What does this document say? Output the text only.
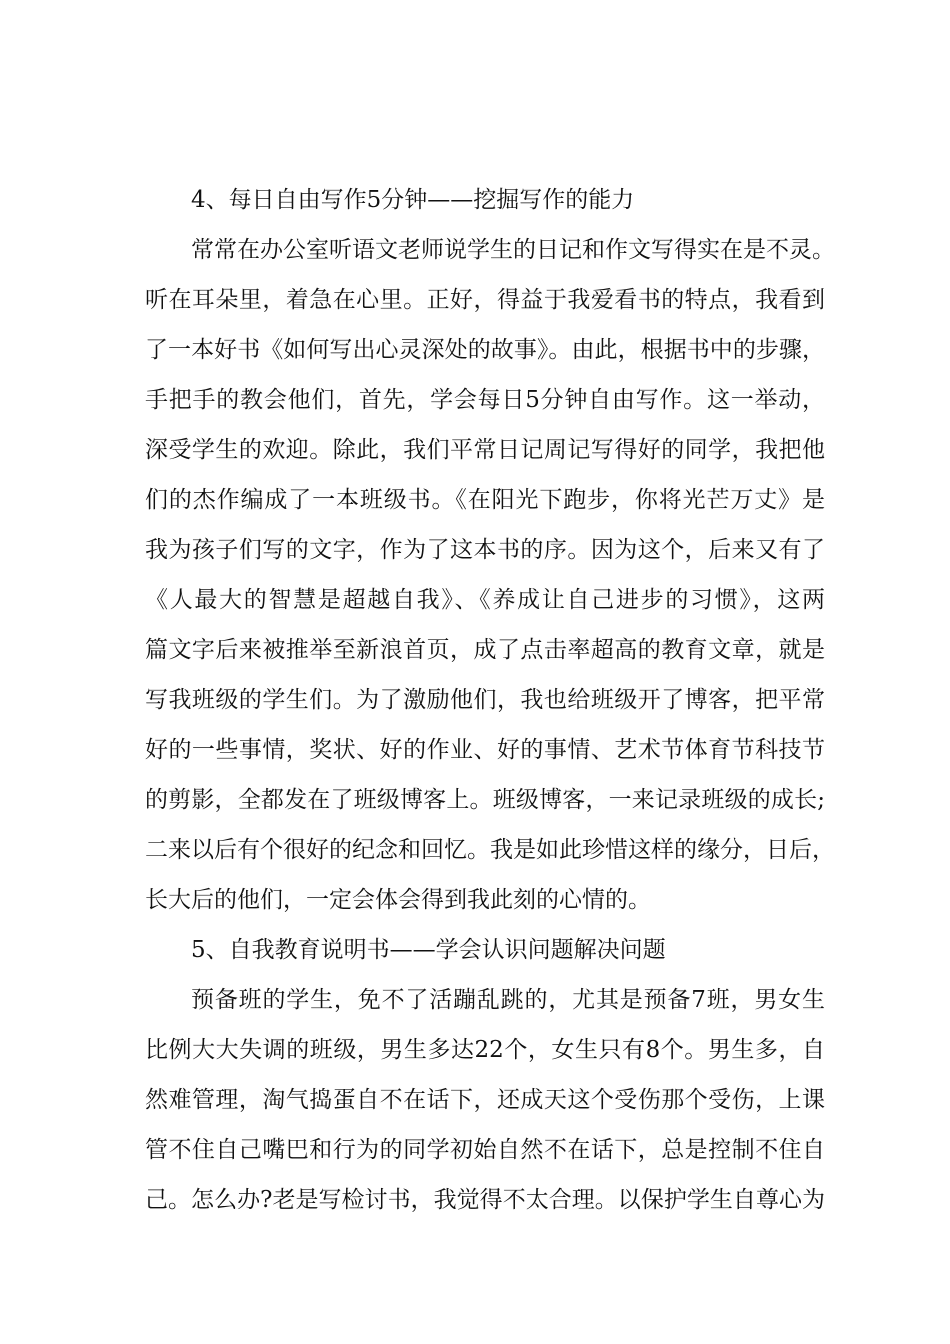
4、每日自由写作5分钟——挖掘写作的能力
常常在办公室听语文老师说学生的日记和作文写得实在是不灵。
听在耳朵里，着急在心里。正好，得益于我爱看书的特点，我看到
了一本好书《如何写出心灵深处的故事》。由此，根据书中的步骤，
手把手的教会他们，首先，学会每日5分钟自由写作。这一举动，
深受学生的欢迎。除此，我们平常日记周记写得好的同学，我把他
们的杰作编成了一本班级书。《在阳光下跑步，你将光芒万丈》是
我为孩子们写的文字，作为了这本书的序。因为这个，后来又有了
《人最大的智慧是超越自我》、《养成让自己进步的习惯》，这两
篇文字后来被推举至新浪首页，成了点击率超高的教育文章，就是
写我班级的学生们。为了激励他们，我也给班级开了博客，把平常
好的一些事情，奖状、好的作业、好的事情、艺术节体育节科技节
的剪影，全都发在了班级博客上。班级博客，一来记录班级的成长;
二来以后有个很好的纪念和回忆。我是如此珍惜这样的缘分，日后，
长大后的他们，一定会体会得到我此刻的心情的。
5、自我教育说明书——学会认识问题解决问题
预备班的学生，免不了活蹦乱跳的，尤其是预备7班，男女生
比例大大失调的班级，男生多达22个，女生只有8个。男生多，自
然难管理，淘气捣蛋自不在话下，还成天这个受伤那个受伤，上课
管不住自己嘴巴和行为的同学初始自然不在话下，总是控制不住自
己。怎么办?老是写检讨书，我觉得不太合理。以保护学生自尊心为
